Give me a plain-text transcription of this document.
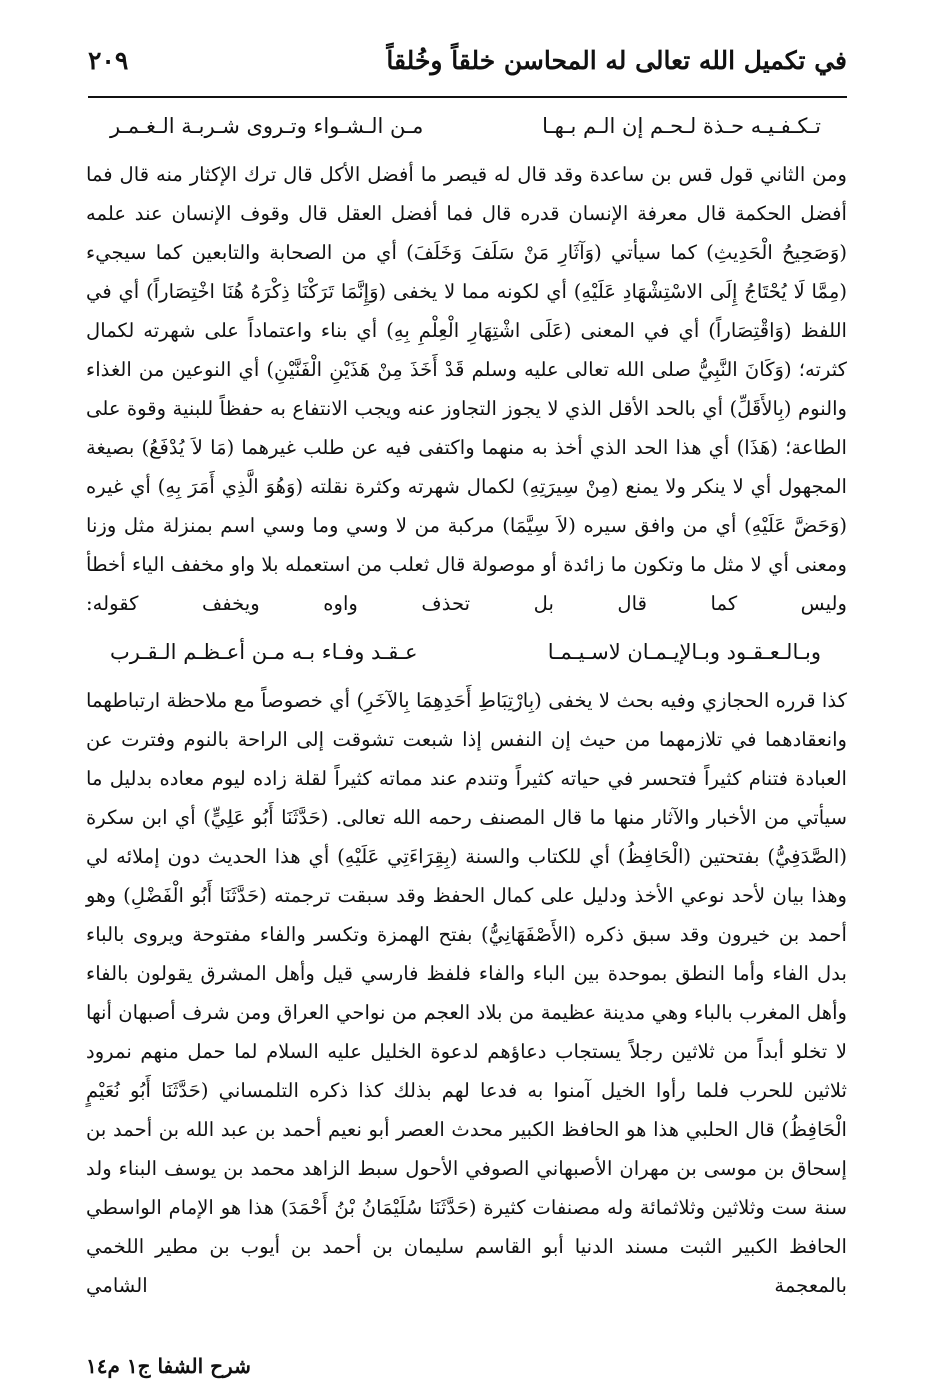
في تكميل الله تعالى له المحاسن خلقاً وخُلقاً
٢٠٩
تـكـفـيـه حـذة لـحـم إن الـم بـهـا
مـن الـشـواء وتـروى شـربـة الـغـمـر

ومن الثاني قول قس بن ساعدة وقد قال له قيصر ما أفضل الأكل قال ترك الإكثار منه قال فما أفضل الحكمة قال معرفة الإنسان قدره قال فما أفضل العقل قال وقوف الإنسان عند علمه (وَصَحِيحُ الْحَدِيثِ) كما سيأتي (وَآثَارِ مَنْ سَلَفَ وَخَلَفَ) أي من الصحابة والتابعين كما سيجيء (مِمَّا لَا يُحْتَاجُ إِلَى الاسْتِشْهَادِ عَلَيْهِ) أي لكونه مما لا يخفى (وَإِنَّمَا تَرَكْنَا ذِكْرَهُ هُنَا اخْتِصَاراً) أي في اللفظ (وَاقْتِصَاراً) أي في المعنى (عَلَى اشْتِهَارِ الْعِلْمِ بِهِ) أي بناء واعتماداً على شهرته لكمال كثرته؛ (وَكَانَ النَّبِيُّ صلى الله تعالى عليه وسلم قَدْ أَخَذَ مِنْ هَذَيْنِ الْفَنَّيْنِ) أي النوعين من الغذاء والنوم (بِالأَقَلِّ) أي بالحد الأقل الذي لا يجوز التجاوز عنه ويجب الانتفاع به حفظاً للبنية وقوة على الطاعة؛ (هَذَا) أي هذا الحد الذي أخذ به منهما واكتفى فيه عن طلب غيرهما (مَا لاَ يُدْفَعُ) بصيغة المجهول أي لا ينكر ولا يمنع (مِنْ سِيرَتِهِ) لكمال شهرته وكثرة نقلته (وَهُوَ الَّذِي أَمَرَ بِهِ) أي غيره (وَحَضَّ عَلَيْهِ) أي من وافق سيره (لاَ سِيَّمَا) مركبة من لا وسي وما وسي اسم بمنزلة مثل وزنا ومعنى أي لا مثل ما وتكون ما زائدة أو موصولة قال ثعلب من استعمله بلا واو مخفف الياء أخطأ وليس كما قال بل تحذف واوه ويخفف كقوله:

وبـالـعـقـود وبـالإيـمـان لاسـيـمـا
عـقـد وفـاء بـه مـن أعـظـم الـقـرب

كذا قرره الحجازي وفيه بحث لا يخفى (بِارْتِبَاطِ أَحَدِهِمَا بِالآخَرِ) أي خصوصاً مع ملاحظة ارتباطهما وانعقادهما في تلازمهما من حيث إن النفس إذا شبعت تشوقت إلى الراحة بالنوم وفترت عن العبادة فتنام كثيراً فتحسر في حياته كثيراً وتندم عند مماته كثيراً لقلة زاده ليوم معاده بدليل ما سيأتي من الأخبار والآثار منها ما قال المصنف رحمه الله تعالى. (حَدَّثَنَا أَبُو عَلِيٍّ) أي ابن سكرة (الصَّدَفِيُّ) بفتحتين (الْحَافِظُ) أي للكتاب والسنة (بِقِرَاءَتِي عَلَيْهِ) أي هذا الحديث دون إملائه لي وهذا بيان لأحد نوعي الأخذ ودليل على كمال الحفظ وقد سبقت ترجمته (حَدَّثَنَا أَبُو الْفَضْلِ) وهو أحمد بن خيرون وقد سبق ذكره (الأَصْفَهَانِيُّ) بفتح الهمزة وتكسر والفاء مفتوحة ويروى بالباء بدل الفاء وأما النطق بموحدة بين الباء والفاء فلفظ فارسي قيل وأهل المشرق يقولون بالفاء وأهل المغرب بالباء وهي مدينة عظيمة من بلاد العجم من نواحي العراق ومن شرف أصبهان أنها لا تخلو أبداً من ثلاثين رجلاً يستجاب دعاؤهم لدعوة الخليل عليه السلام لما حمل منهم نمرود ثلاثين للحرب فلما رأوا الخيل آمنوا به فدعا لهم بذلك كذا ذكره التلمساني (حَدَّثَنَا أَبُو نُعَيْمٍ الْحَافِظُ) قال الحلبي هذا هو الحافظ الكبير محدث العصر أبو نعيم أحمد بن عبد الله بن أحمد بن إسحاق بن موسى بن مهران الأصبهاني الصوفي الأحول سبط الزاهد محمد بن يوسف البناء ولد سنة ست وثلاثين وثلاثمائة وله مصنفات كثيرة (حَدَّثَنَا سُلَيْمَانُ بْنُ أَحْمَدَ) هذا هو الإمام الواسطي الحافظ الكبير الثبت مسند الدنيا أبو القاسم سليمان بن أحمد بن أيوب بن مطير اللخمي بالمعجمة الشامي

شرح الشفا ج١ م١٤
